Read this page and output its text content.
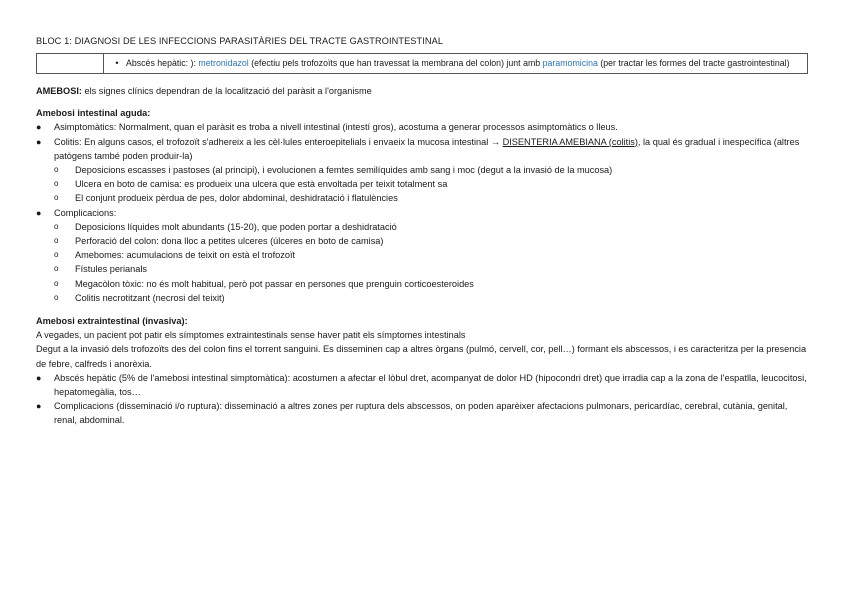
BLOC 1: DIAGNOSI DE LES INFECCIONS PARASITÀRIES DEL TRACTE GASTROINTESTINAL

• Abscés hepàtic: ): metronidazol (efectiu pels trofozoïts que han travessat la membrana del colon) junt amb paramomicina (per tractar les formes del tracte gastrointestinal)
AMEBOSI: els signes clínics dependran de la localització del paràsit a l'organisme
Amebosi intestinal aguda:
●	Asimptomàtics: Normalment, quan el paràsit es troba a nivell intestinal (intestí gros), acostuma a generar processos asimptomàtics o lleus.
●	Colitis: En alguns casos, el trofozoït s'adhereix a les cèl·lules enteroepitelials i envaeix la mucosa intestinal → DISENTERIA AMEBIANA (colitis), la qual és gradual i inespecífica (altres patògens també poden produir-la)
o	Deposicions escasses i pastoses (al principi), i evolucionen a femtes semilíquides amb sang i moc (degut a la invasió de la mucosa)
o	Ulcera en boto de camisa: es produeix una ulcera que està envoltada per teixit totalment sa
o	El conjunt produeix pèrdua de pes, dolor abdominal, deshidratació i flatulències
●	Complicacions:
o	Deposicions líquides molt abundants (15-20), que poden portar a deshidratació
o	Perforació del colon: dona lloc a petites ulceres (úlceres en boto de camisa)
o	Amebomes: acumulacions de teixit on està el trofozoït
o	Fístules perianals
o	Megacòlon tòxic: no és molt habitual, però pot passar en persones que prenguin corticoesteroides
o	Colitis necrotitzant (necrosi del teixit)
Amebosi extraintestinal (invasiva):
A vegades, un pacient pot patir els símptomes extraintestinals sense haver patit els símptomes intestinals
Degut a la invasió dels trofozoïts des del colon fins el torrent sanguini. Es disseminen cap a altres òrgans (pulmó, cervell, cor, pell…) formant els abscessos, i es caracteritza per la presencia de febre, calfreds i anorèxia.
●	Abscés hepàtic (5% de l'amebosi intestinal simptomàtica): acostumen a afectar el lòbul dret, acompanyat de dolor HD (hipocondri dret) que irradia cap a la zona de l'espatlla, leucocitosi, hepatomegàlia, tos…
●	Complicacions (disseminació i/o ruptura): disseminació a altres zones per ruptura dels abscessos, on poden aparèixer afectacions pulmonars, pericardíac, cerebral, cutània, genital, renal, abdominal.
